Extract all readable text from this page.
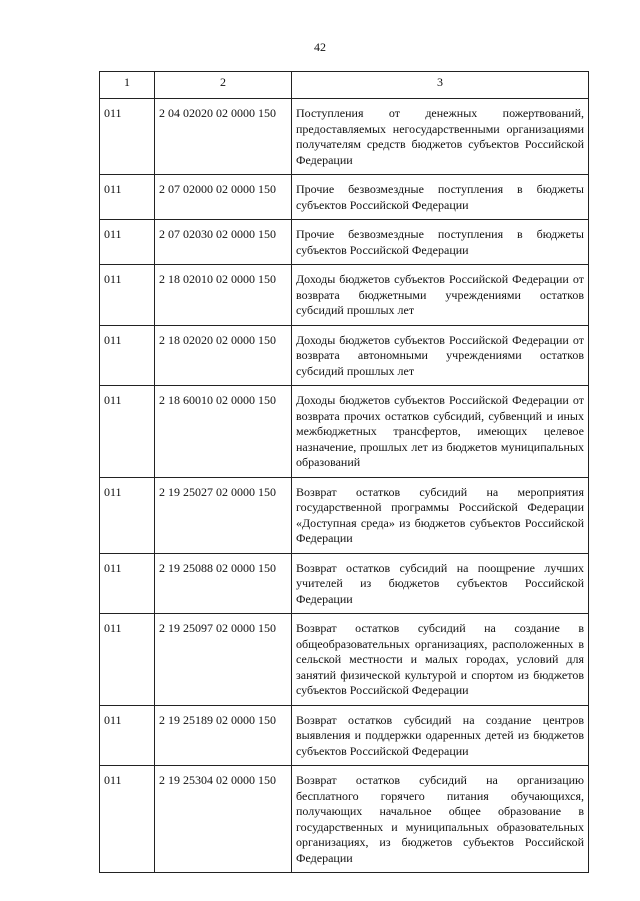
42
1	2	3
011	2 04 02020 02 0000 150	Поступления от денежных пожертвований, предоставляемых негосударственными организациями получателям средств бюджетов субъектов Российской Федерации
011	2 07 02000 02 0000 150	Прочие безвозмездные поступления в бюджеты субъектов Российской Федерации
011	2 07 02030 02 0000 150	Прочие безвозмездные поступления в бюджеты субъектов Российской Федерации
011	2 18 02010 02 0000 150	Доходы бюджетов субъектов Российской Федерации от возврата бюджетными учреждениями остатков субсидий прошлых лет
011	2 18 02020 02 0000 150	Доходы бюджетов субъектов Российской Федерации от возврата автономными учреждениями остатков субсидий прошлых лет
011	2 18 60010 02 0000 150	Доходы бюджетов субъектов Российской Федерации от возврата прочих остатков субсидий, субвенций и иных межбюджетных трансфертов, имеющих целевое назначение, прошлых лет из бюджетов муниципальных образований
011	2 19 25027 02 0000 150	Возврат остатков субсидий на мероприятия государственной программы Российской Федерации «Доступная среда» из бюджетов субъектов Российской Федерации
011	2 19 25088 02 0000 150	Возврат остатков субсидий на поощрение лучших учителей из бюджетов субъектов Российской Федерации
011	2 19 25097 02 0000 150	Возврат остатков субсидий на создание в общеобразовательных организациях, расположенных в сельской местности и малых городах, условий для занятий физической культурой и спортом из бюджетов субъектов Российской Федерации
011	2 19 25189 02 0000 150	Возврат остатков субсидий на создание центров выявления и поддержки одаренных детей из бюджетов субъектов Российской Федерации
011	2 19 25304 02 0000 150	Возврат остатков субсидий на организацию бесплатного горячего питания обучающихся, получающих начальное общее образование в государственных и муниципальных образовательных организациях, из бюджетов субъектов Российской Федерации
